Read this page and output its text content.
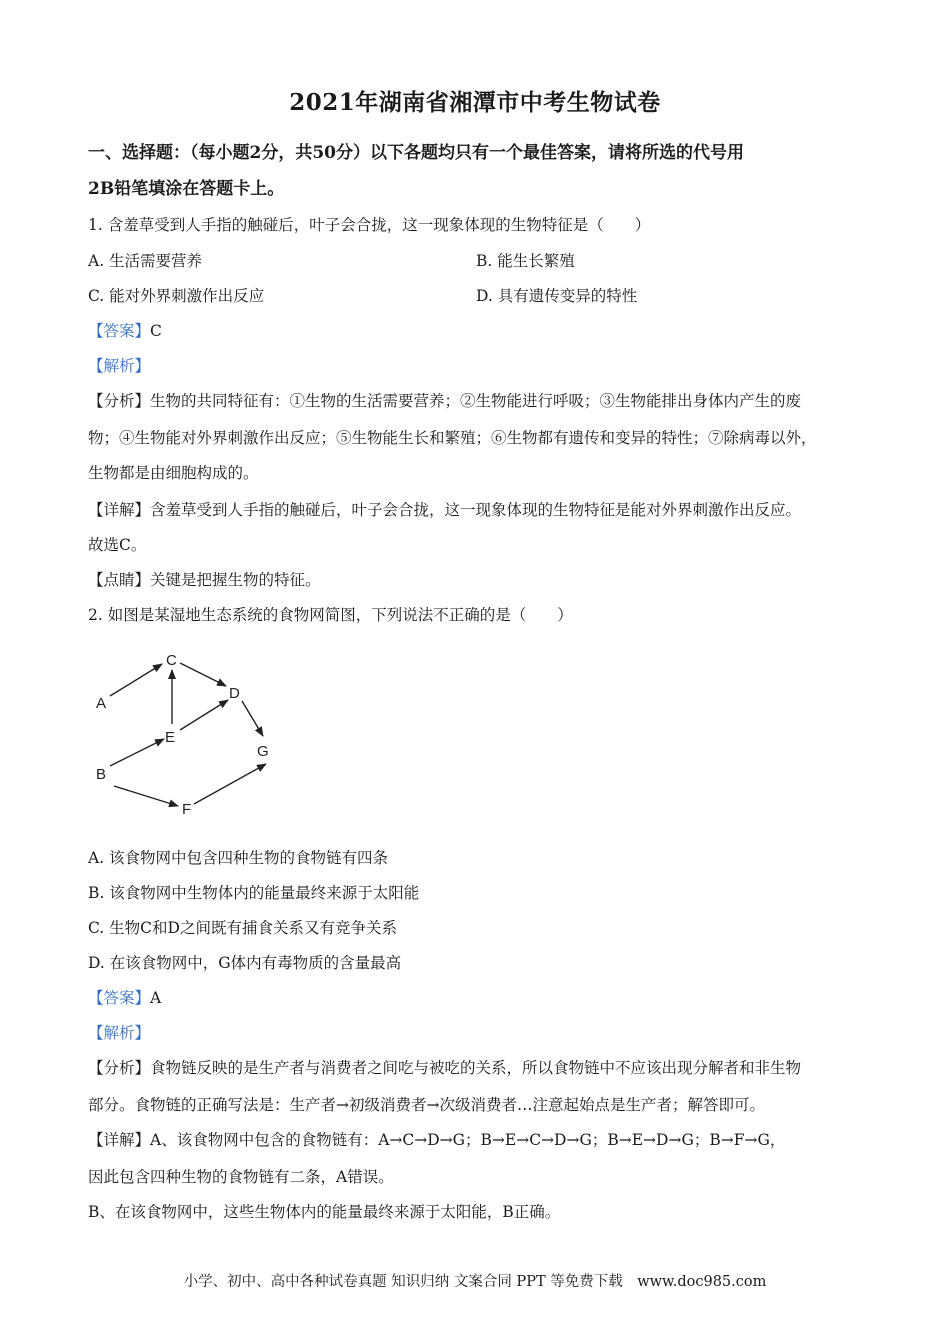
2021年湖南省湘潭市中考生物试卷
一、选择题：（每小题2分，共50分）以下各题均只有一个最佳答案，请将所选的代号用
2B铅笔填涂在答题卡上。
1. 含羞草受到人手指的触碰后，叶子会合拢，这一现象体现的生物特征是（　　）
A. 生活需要营养	B. 能生长繁殖
C. 能对外界刺激作出反应	D. 具有遗传变异的特性
【答案】C
【解析】
【分析】生物的共同特征有：①生物的生活需要营养；②生物能进行呼吸；③生物能排出身体内产生的废
物；④生物能对外界刺激作出反应；⑤生物能生长和繁殖；⑥生物都有遗传和变异的特性；⑦除病毒以外，
生物都是由细胞构成的。
【详解】含羞草受到人手指的触碰后，叶子会合拢，这一现象体现的生物特征是能对外界刺激作出反应。
故选C。
【点睛】关键是把握生物的特征。
2. 如图是某湿地生态系统的食物网简图，下列说法不正确的是（　　）
A
C
D
E
G
B
F
A. 该食物网中包含四种生物的食物链有四条
B. 该食物网中生物体内的能量最终来源于太阳能
C. 生物C和D之间既有捕食关系又有竞争关系
D. 在该食物网中，G体内有毒物质的含量最高
【答案】A
【解析】
【分析】食物链反映的是生产者与消费者之间吃与被吃的关系，所以食物链中不应该出现分解者和非生物
部分。食物链的正确写法是：生产者→初级消费者→次级消费者…注意起始点是生产者；解答即可。
【详解】A、该食物网中包含的食物链有：A→C→D→G；B→E→C→D→G；B→E→D→G；B→F→G，
因此包含四种生物的食物链有二条，A错误。
B、在该食物网中，这些生物体内的能量最终来源于太阳能，B正确。
小学、初中、高中各种试卷真题 知识归纳 文案合同 PPT 等免费下载　www.doc985.com
